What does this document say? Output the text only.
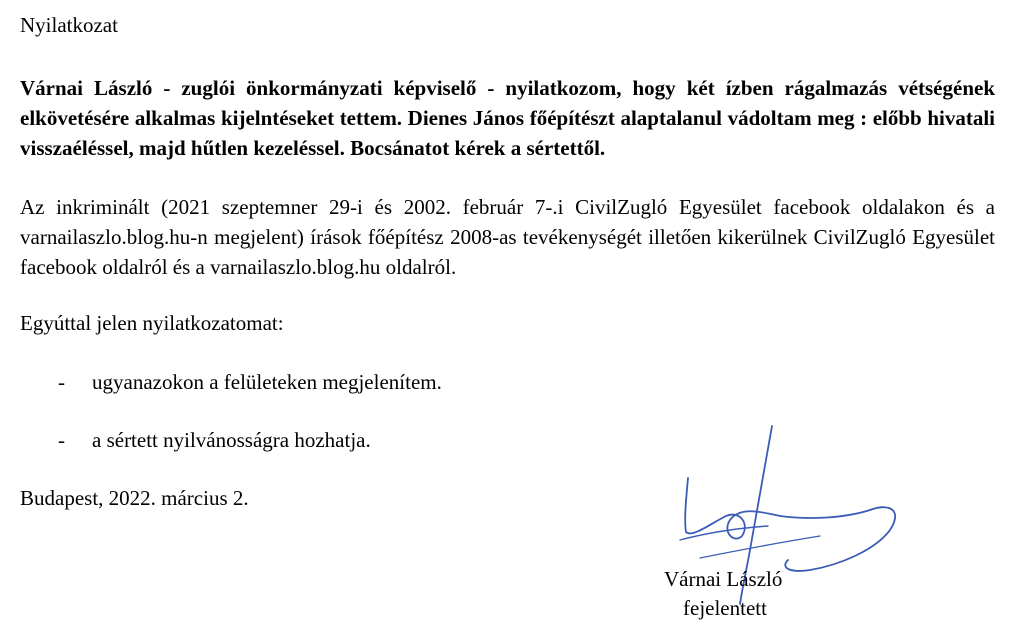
Nyilatkozat
Várnai László - zuglói önkormányzati képviselő - nyilatkozom, hogy két ízben rágalmazás vétségének elkövetésére alkalmas kijelntéseket tettem. Dienes János főépítészt alaptalanul vádoltam meg : előbb hivatali visszaéléssel, majd hűtlen kezeléssel. Bocsánatot kérek a sértettől.
Az inkriminált (2021 szeptemner 29-i és 2002. február 7-.i CivilZugló Egyesület facebook oldalakon és a varnailaszlo.blog.hu-n megjelent) írások főépítész 2008-as tevékenységét illetően kikerülnek CivilZugló Egyesület facebook oldalról és a varnailaszlo.blog.hu oldalról.
Egyúttal jelen nyilatkozatomat:
- ugyanazokon a felületeken megjelenítem.
- a sértett nyilvánosságra hozhatja.
Budapest, 2022. március 2.
Várnai László
fejelentett
